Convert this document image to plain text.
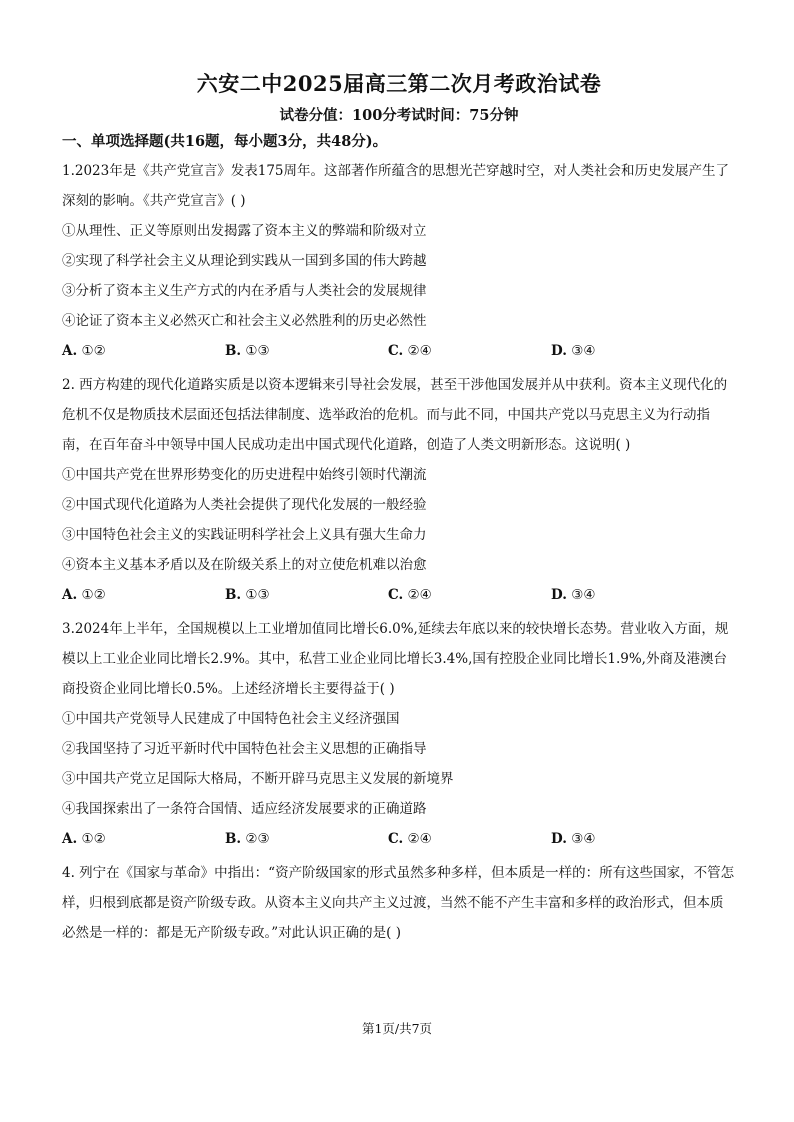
六安二中2025届高三第二次月考政治试卷

试卷分值：100分考试时间：75分钟

一、单项选择题(共16题，每小题3分，共48分)。

1.2023年是《共产党宣言》发表175周年。这部著作所蕴含的思想光芒穿越时空，对人类社会和历史发展产生了深刻的影响。《共产党宣言》( )

①从理性、正义等原则出发揭露了资本主义的弊端和阶级对立

②实现了科学社会主义从理论到实践从一国到多国的伟大跨越

③分析了资本主义生产方式的内在矛盾与人类社会的发展规律

④论证了资本主义必然灭亡和社会主义必然胜利的历史必然性

A. ①②	B. ①③	C. ②④	D. ③④

2. 西方构建的现代化道路实质是以资本逻辑来引导社会发展，甚至干涉他国发展并从中获利。资本主义现代化的危机不仅是物质技术层面还包括法律制度、选举政治的危机。而与此不同，中国共产党以马克思主义为行动指南，在百年奋斗中领导中国人民成功走出中国式现代化道路，创造了人类文明新形态。这说明( )

①中国共产党在世界形势变化的历史进程中始终引领时代潮流

②中国式现代化道路为人类社会提供了现代化发展的一般经验

③中国特色社会主义的实践证明科学社会上义具有强大生命力

④资本主义基本矛盾以及在阶级关系上的对立使危机难以治愈

A. ①②	B. ①③	C. ②④	D. ③④

3.2024年上半年，全国规模以上工业增加值同比增长6.0%,延续去年底以来的较快增长态势。营业收入方面，规模以上工业企业同比增长2.9%。其中，私营工业企业同比增长3.4%,国有控股企业同比增长1.9%,外商及港澳台商投资企业同比增长0.5%。上述经济增长主要得益于( )

①中国共产党领导人民建成了中国特色社会主义经济强国

②我国坚持了习近平新时代中国特色社会主义思想的正确指导

③中国共产党立足国际大格局，不断开辟马克思主义发展的新境界

④我国探索出了一条符合国情、适应经济发展要求的正确道路

A. ①②	B. ②③	C. ②④	D. ③④

4. 列宁在《国家与革命》中指出：“资产阶级国家的形式虽然多种多样，但本质是一样的：所有这些国家，不管怎样，归根到底都是资产阶级专政。从资本主义向共产主义过渡，当然不能不产生丰富和多样的政治形式，但本质必然是一样的：都是无产阶级专政。”对此认识正确的是( )

第1页/共7页
